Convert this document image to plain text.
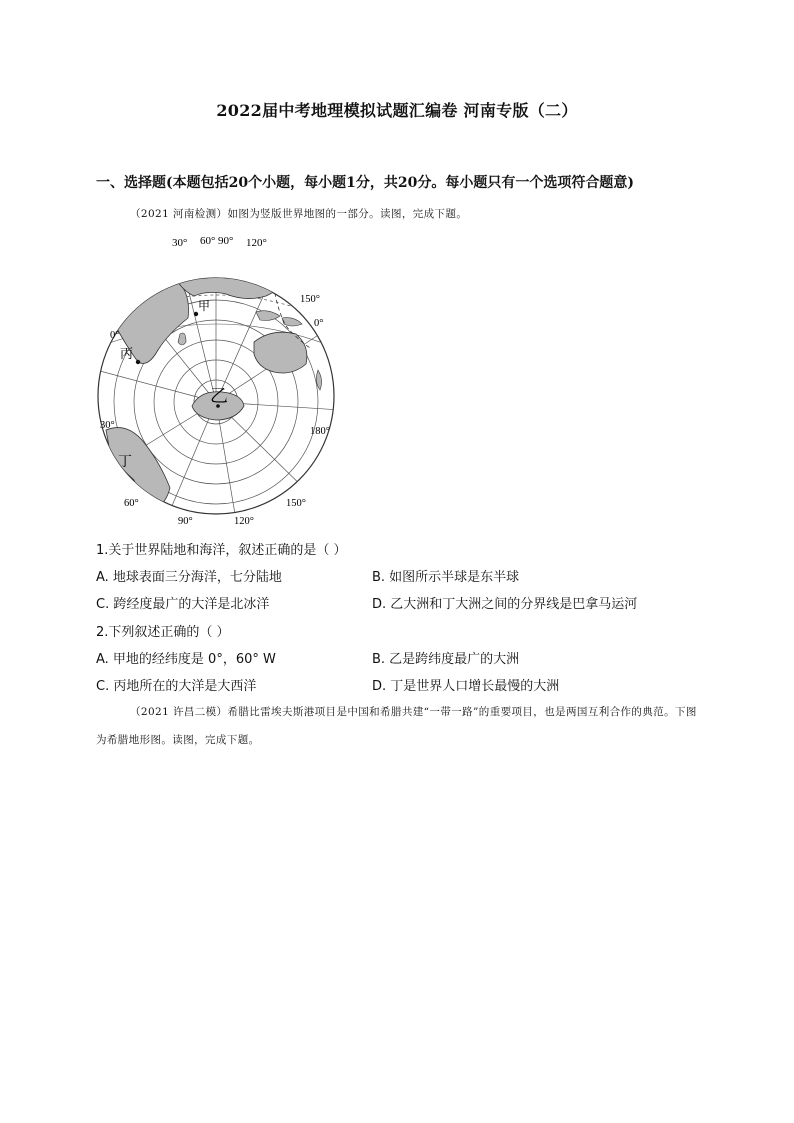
2022届中考地理模拟试题汇编卷 河南专版（二）
一、选择题(本题包括20个小题，每小题1分，共20分。每小题只有一个选项符合题意)
（2021 河南检测）如图为竖版世界地图的一部分。读图，完成下题。
30° 60° 90° 120°
150°
0°
0°
30°
180°
60°
90°	120°
150°
甲
乙
丙
丁
1.关于世界陆地和海洋，叙述正确的是（ ）
A. 地球表面三分海洋，七分陆地	B. 如图所示半球是东半球
C. 跨经度最广的大洋是北冰洋	D. 乙大洲和丁大洲之间的分界线是巴拿马运河
2.下列叙述正确的（ ）
A. 甲地的经纬度是 0°，60° W	B. 乙是跨纬度最广的大洲
C. 丙地所在的大洋是大西洋	D. 丁是世界人口增长最慢的大洲
（2021 许昌二模）希腊比雷埃夫斯港项目是中国和希腊共建“一带一路”的重要项目，也是两国互利合作的典范。下图为希腊地形图。读图，完成下题。
